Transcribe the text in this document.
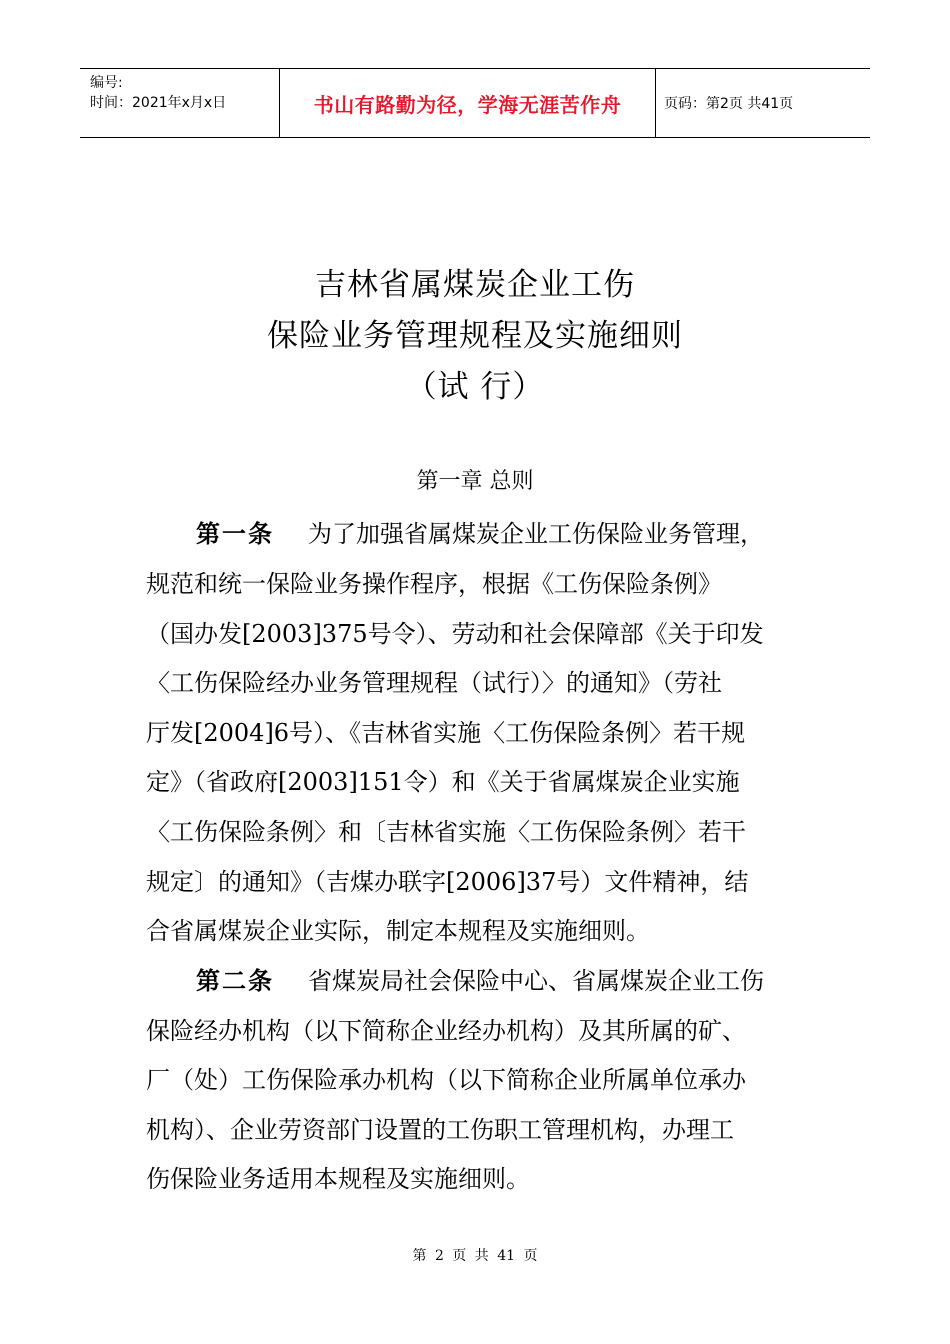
编号:
时间：2021年x月x日	书山有路勤为径，学海无涯苦作舟	页码：第2页 共41页
吉林省属煤炭企业工伤
保险业务管理规程及实施细则
（试 行）
第一章 总则
第一条 为了加强省属煤炭企业工伤保险业务管理，
规范和统一保险业务操作程序，根据《工伤保险条例》
（国办发[2003]375号令）、劳动和社会保障部《关于印发
〈工伤保险经办业务管理规程（试行）〉的通知》（劳社
厅发[2004]6号）、《吉林省实施〈工伤保险条例〉若干规
定》（省政府[2003]151令）和《关于省属煤炭企业实施
〈工伤保险条例〉和〔吉林省实施〈工伤保险条例〉若干
规定〕的通知》（吉煤办联字[2006]37号）文件精神，结
合省属煤炭企业实际，制定本规程及实施细则。
第二条 省煤炭局社会保险中心、省属煤炭企业工伤
保险经办机构（以下简称企业经办机构）及其所属的矿、
厂（处）工伤保险承办机构（以下简称企业所属单位承办
机构）、企业劳资部门设置的工伤职工管理机构，办理工
伤保险业务适用本规程及实施细则。
第 2 页 共 41 页
